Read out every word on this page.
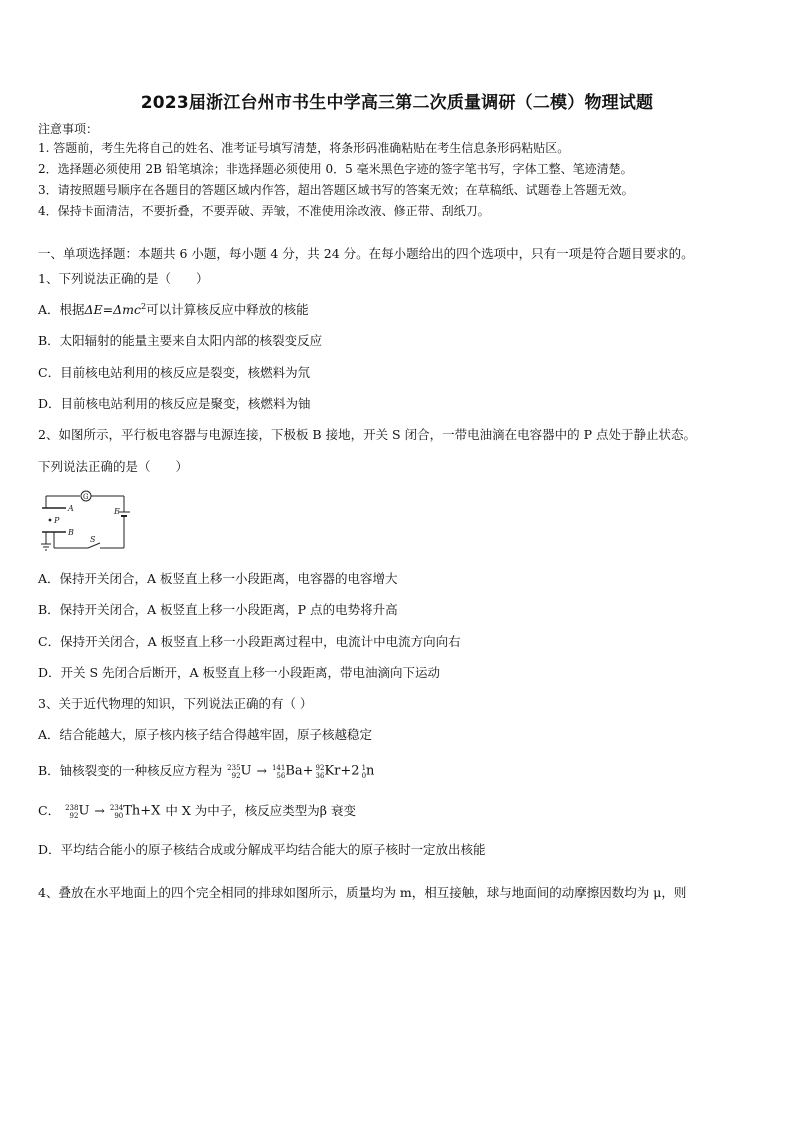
2023届浙江台州市书生中学高三第二次质量调研（二模）物理试题
注意事项：
1. 答题前，考生先将自己的姓名、准考证号填写清楚，将条形码准确粘贴在考生信息条形码粘贴区。
2．选择题必须使用 2B 铅笔填涂；非选择题必须使用 0．5 毫米黑色字迹的签字笔书写，字体工整、笔迹清楚。
3．请按照题号顺序在各题目的答题区域内作答，超出答题区域书写的答案无效；在草稿纸、试题卷上答题无效。
4．保持卡面清洁，不要折叠，不要弄破、弄皱，不准使用涂改液、修正带、刮纸刀。
一、单项选择题：本题共 6 小题，每小题 4 分，共 24 分。在每小题给出的四个选项中，只有一项是符合题目要求的。
1、下列说法正确的是（　　）
A．根据ΔE=Δmc$^2$可以计算核反应中释放的核能
B．太阳辐射的能量主要来自太阳内部的核裂变反应
C．目前核电站利用的核反应是裂变，核燃料为氘
D．目前核电站利用的核反应是聚变，核燃料为铀
2、如图所示，平行板电容器与电源连接，下极板 B 接地，开关 S 闭合，一带电油滴在电容器中的 P 点处于静止状态。
下列说法正确的是（　　）
G
A
P
B
E
S
A．保持开关闭合，A 板竖直上移一小段距离，电容器的电容增大
B．保持开关闭合，A 板竖直上移一小段距离，P 点的电势将升高
C．保持开关闭合，A 板竖直上移一小段距离过程中，电流计中电流方向向右
D．开关 S 先闭合后断开，A 板竖直上移一小段距离，带电油滴向下运动
3、关于近代物理的知识，下列说法正确的有（ ）
A．结合能越大，原子核内核子结合得越牢固，原子核越稳定
B．铀核裂变的一种核反应方程为 235
92 U → 141
56 Ba+ 92
36 Kr+2 1
0 n
C． 238
92 U → 234
90 Th+X 中 X 为中子，核反应类型为β 衰变
D．平均结合能小的原子核结合成或分解成平均结合能大的原子核时一定放出核能
4、叠放在水平地面上的四个完全相同的排球如图所示，质量均为 m，相互接触，球与地面间的动摩擦因数均为 μ，则
